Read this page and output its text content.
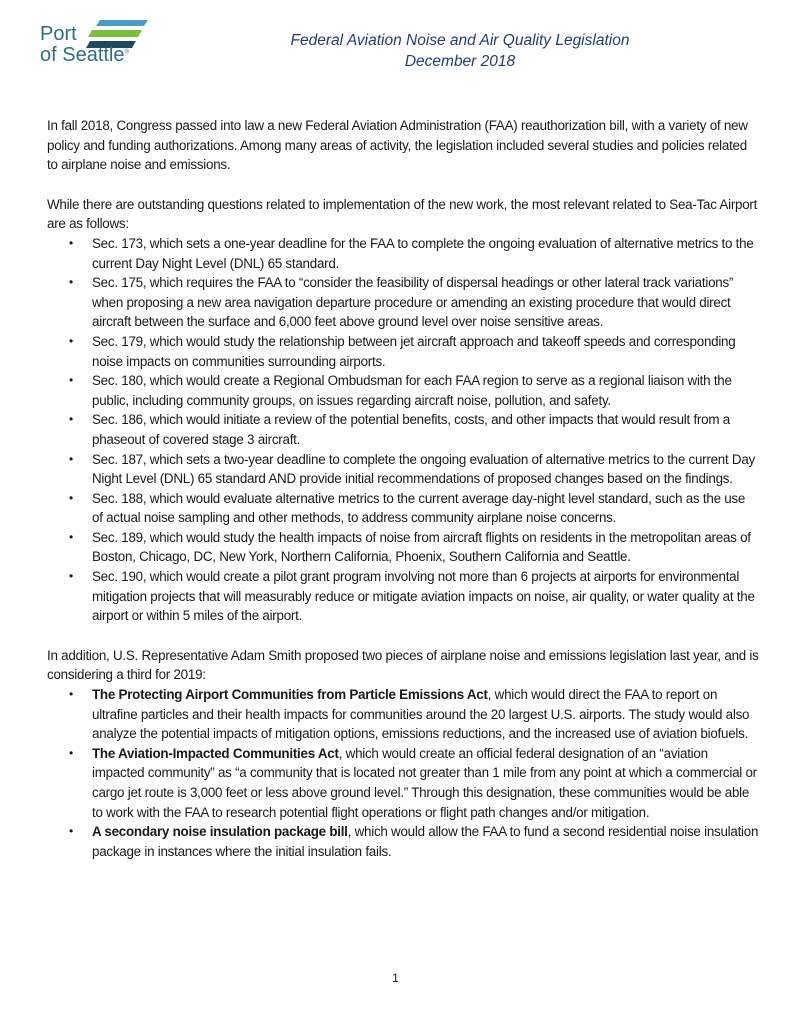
Port
of Seattle®
Federal Aviation Noise and Air Quality Legislation
December 2018

In fall 2018, Congress passed into law a new Federal Aviation Administration (FAA) reauthorization bill, with a variety of new policy and funding authorizations. Among many areas of activity, the legislation included several studies and policies related to airplane noise and emissions.

While there are outstanding questions related to implementation of the new work, the most relevant related to Sea-Tac Airport are as follows:

• Sec. 173, which sets a one-year deadline for the FAA to complete the ongoing evaluation of alternative metrics to the current Day Night Level (DNL) 65 standard.
• Sec. 175, which requires the FAA to “consider the feasibility of dispersal headings or other lateral track variations” when proposing a new area navigation departure procedure or amending an existing procedure that would direct aircraft between the surface and 6,000 feet above ground level over noise sensitive areas.
• Sec. 179, which would study the relationship between jet aircraft approach and takeoff speeds and corresponding noise impacts on communities surrounding airports.
• Sec. 180, which would create a Regional Ombudsman for each FAA region to serve as a regional liaison with the public, including community groups, on issues regarding aircraft noise, pollution, and safety.
• Sec. 186, which would initiate a review of the potential benefits, costs, and other impacts that would result from a phaseout of covered stage 3 aircraft.
• Sec. 187, which sets a two-year deadline to complete the ongoing evaluation of alternative metrics to the current Day Night Level (DNL) 65 standard AND provide initial recommendations of proposed changes based on the findings.
• Sec. 188, which would evaluate alternative metrics to the current average day-night level standard, such as the use of actual noise sampling and other methods, to address community airplane noise concerns.
• Sec. 189, which would study the health impacts of noise from aircraft flights on residents in the metropolitan areas of Boston, Chicago, DC, New York, Northern California, Phoenix, Southern California and Seattle.
• Sec. 190, which would create a pilot grant program involving not more than 6 projects at airports for environmental mitigation projects that will measurably reduce or mitigate aviation impacts on noise, air quality, or water quality at the airport or within 5 miles of the airport.

In addition, U.S. Representative Adam Smith proposed two pieces of airplane noise and emissions legislation last year, and is considering a third for 2019:

• The Protecting Airport Communities from Particle Emissions Act, which would direct the FAA to report on ultrafine particles and their health impacts for communities around the 20 largest U.S. airports. The study would also analyze the potential impacts of mitigation options, emissions reductions, and the increased use of aviation biofuels.
• The Aviation-Impacted Communities Act, which would create an official federal designation of an “aviation impacted community” as “a community that is located not greater than 1 mile from any point at which a commercial or cargo jet route is 3,000 feet or less above ground level.” Through this designation, these communities would be able to work with the FAA to research potential flight operations or flight path changes and/or mitigation.
• A secondary noise insulation package bill, which would allow the FAA to fund a second residential noise insulation package in instances where the initial insulation fails.
1
